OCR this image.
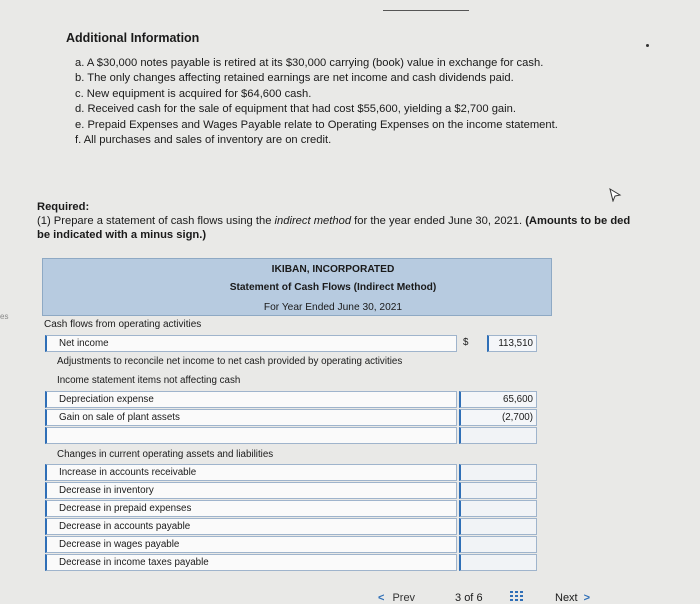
Additional Information
a. A $30,000 notes payable is retired at its $30,000 carrying (book) value in exchange for cash.
b. The only changes affecting retained earnings are net income and cash dividends paid.
c. New equipment is acquired for $64,600 cash.
d. Received cash for the sale of equipment that had cost $55,600, yielding a $2,700 gain.
e. Prepaid Expenses and Wages Payable relate to Operating Expenses on the income statement.
f. All purchases and sales of inventory are on credit.
es
Required:
(1) Prepare a statement of cash flows using the indirect method for the year ended June 30, 2021. (Amounts to be ded
be indicated with a minus sign.)
IKIBAN, INCORPORATED
Statement of Cash Flows (Indirect Method)
For Year Ended June 30, 2021
Cash flows from operating activities
Net income	$	113,510
Adjustments to reconcile net income to net cash provided by operating activities
Income statement items not affecting cash
Depreciation expense	65,600
Gain on sale of plant assets	(2,700)
Changes in current operating assets and liabilities
Increase in accounts receivable
Decrease in inventory
Decrease in prepaid expenses
Decrease in accounts payable
Decrease in wages payable
Decrease in income taxes payable
< Prev	3 of 6	Next >
